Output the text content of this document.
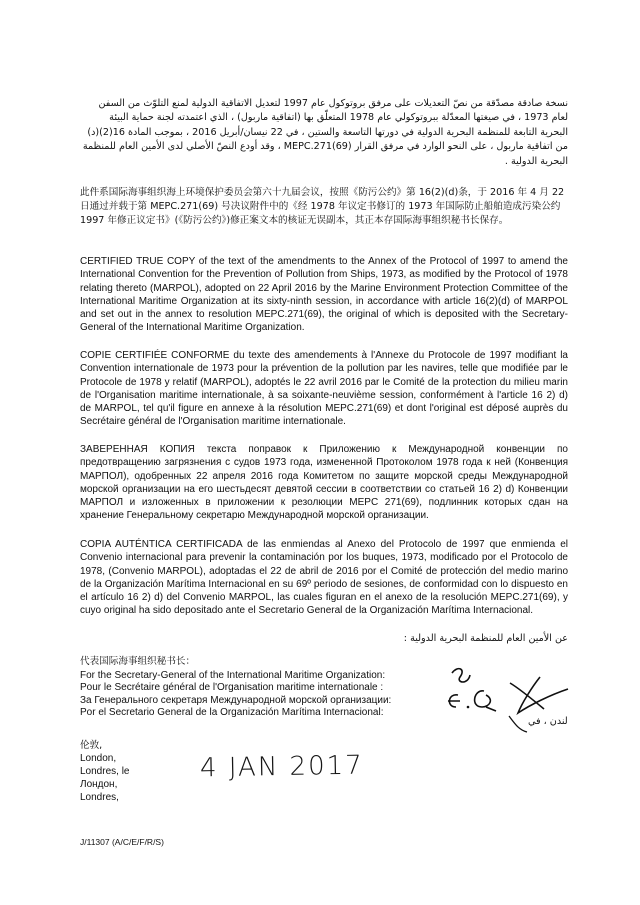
نسخة صادقة مصدّقة من نصّ التعديلات على مرفق بروتوكول عام 1997 لتعديل الاتفاقية الدولية لمنع التلوّث من السفن لعام 1973 ، في صيغتها المعدّلة ببروتوكولي عام 1978 المتعلّق بها (اتفاقية ماربول) ، الذي اعتمدته لجنة حماية البيئة البحرية التابعة للمنظمة البحرية الدولية في دورتها التاسعة والستين ، في 22 نيسان/أبريل 2016 ، بموجب المادة 16(2)(د) من اتفاقية ماربول ، على النحو الوارد في مرفق القرار MEPC.271(69) ، وقد أودع النصّ الأصلي لدى الأمين العام للمنظمة البحرية الدولية .
此件系国际海事组织海上环境保护委员会第六十九届会议，按照《防污公约》第 16(2)(d)条，于 2016 年 4 月 22 日通过并载于第 MEPC.271(69) 号决议附件中的《经 1978 年议定书修订的 1973 年国际防止船舶造成污染公约 1997 年修正议定书》(《防污公约》)修正案文本的核证无误副本，其正本存国际海事组织秘书长保存。
CERTIFIED TRUE COPY of the text of the amendments to the Annex of the Protocol of 1997 to amend the International Convention for the Prevention of Pollution from Ships, 1973, as modified by the Protocol of 1978 relating thereto (MARPOL), adopted on 22 April 2016 by the Marine Environment Protection Committee of the International Maritime Organization at its sixty-ninth session, in accordance with article 16(2)(d) of MARPOL and set out in the annex to resolution MEPC.271(69), the original of which is deposited with the Secretary-General of the International Maritime Organization.
COPIE CERTIFIÉE CONFORME du texte des amendements à l'Annexe du Protocole de 1997 modifiant la Convention internationale de 1973 pour la prévention de la pollution par les navires, telle que modifiée par le Protocole de 1978 y relatif (MARPOL), adoptés le 22 avril 2016 par le Comité de la protection du milieu marin de l'Organisation maritime internationale, à sa soixante-neuvième session, conformément à l'article 16 2) d) de MARPOL, tel qu'il figure en annexe à la résolution MEPC.271(69) et dont l'original est déposé auprès du Secrétaire général de l'Organisation maritime internationale.
ЗАВЕРЕННАЯ КОПИЯ текста поправок к Приложению к Международной конвенции по предотвращению загрязнения с судов 1973 года, измененной Протоколом 1978 года к ней (Конвенция МАРПОЛ), одобренных 22 апреля 2016 года Комитетом по защите морской среды Международной морской организации на его шестьдесят девятой сессии в соответствии со статьей 16 2) d) Конвенции МАРПОЛ и изложенных в приложении к резолюции MEPC 271(69), подлинник которых сдан на хранение Генеральному секретарю Международной морской организации.
COPIA AUTÉNTICA CERTIFICADA de las enmiendas al Anexo del Protocolo de 1997 que enmienda el Convenio internacional para prevenir la contaminación por los buques, 1973, modificado por el Protocolo de 1978, (Convenio MARPOL), adoptadas el 22 de abril de 2016 por el Comité de protección del medio marino de la Organización Marítima Internacional en su 69º periodo de sesiones, de conformidad con lo dispuesto en el artículo 16 2) d) del Convenio MARPOL, las cuales figuran en el anexo de la resolución MEPC.271(69), y cuyo original ha sido depositado ante el Secretario General de la Organización Marítima Internacional.
عن الأمين العام للمنظمة البحرية الدولية :
代表国际海事组织秘书长：
For the Secretary-General of the International Maritime Organization:
Pour le Secrétaire général de l'Organisation maritime internationale :
За Генерального секретаря Международной морской организации:
Por el Secretario General de la Organización Marítima Internacional:
لندن ، في
伦敦,
London,
Londres, le
Лондон,
Londres,
4 JAN 2017
J/11307 (A/C/E/F/R/S)
